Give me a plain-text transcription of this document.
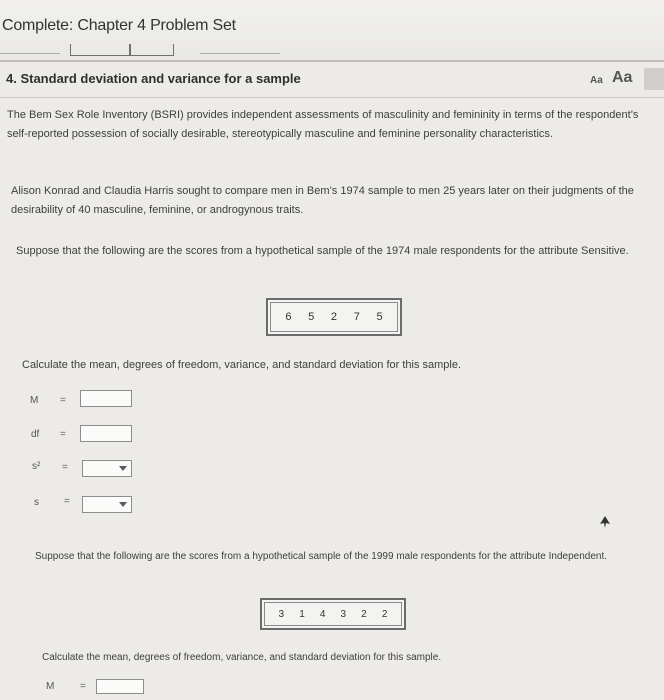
Complete: Chapter 4 Problem Set
4. Standard deviation and variance for a sample	Aa Aa
The Bem Sex Role Inventory (BSRI) provides independent assessments of masculinity and femininity in terms of the respondent’s self-reported possession of socially desirable, stereotypically masculine and feminine personality characteristics.
Alison Konrad and Claudia Harris sought to compare men in Bem’s 1974 sample to men 25 years later on their judgments of the desirability of 40 masculine, feminine, or androgynous traits.
Suppose that the following are the scores from a hypothetical sample of the 1974 male respondents for the attribute Sensitive.
6 5 2 7 5
Calculate the mean, degrees of freedom, variance, and standard deviation for this sample.
M =
df =
s² =
s	=
Suppose that the following are the scores from a hypothetical sample of the 1999 male respondents for the attribute Independent.
3 1 4 3 2 2
Calculate the mean, degrees of freedom, variance, and standard deviation for this sample.
M	=
